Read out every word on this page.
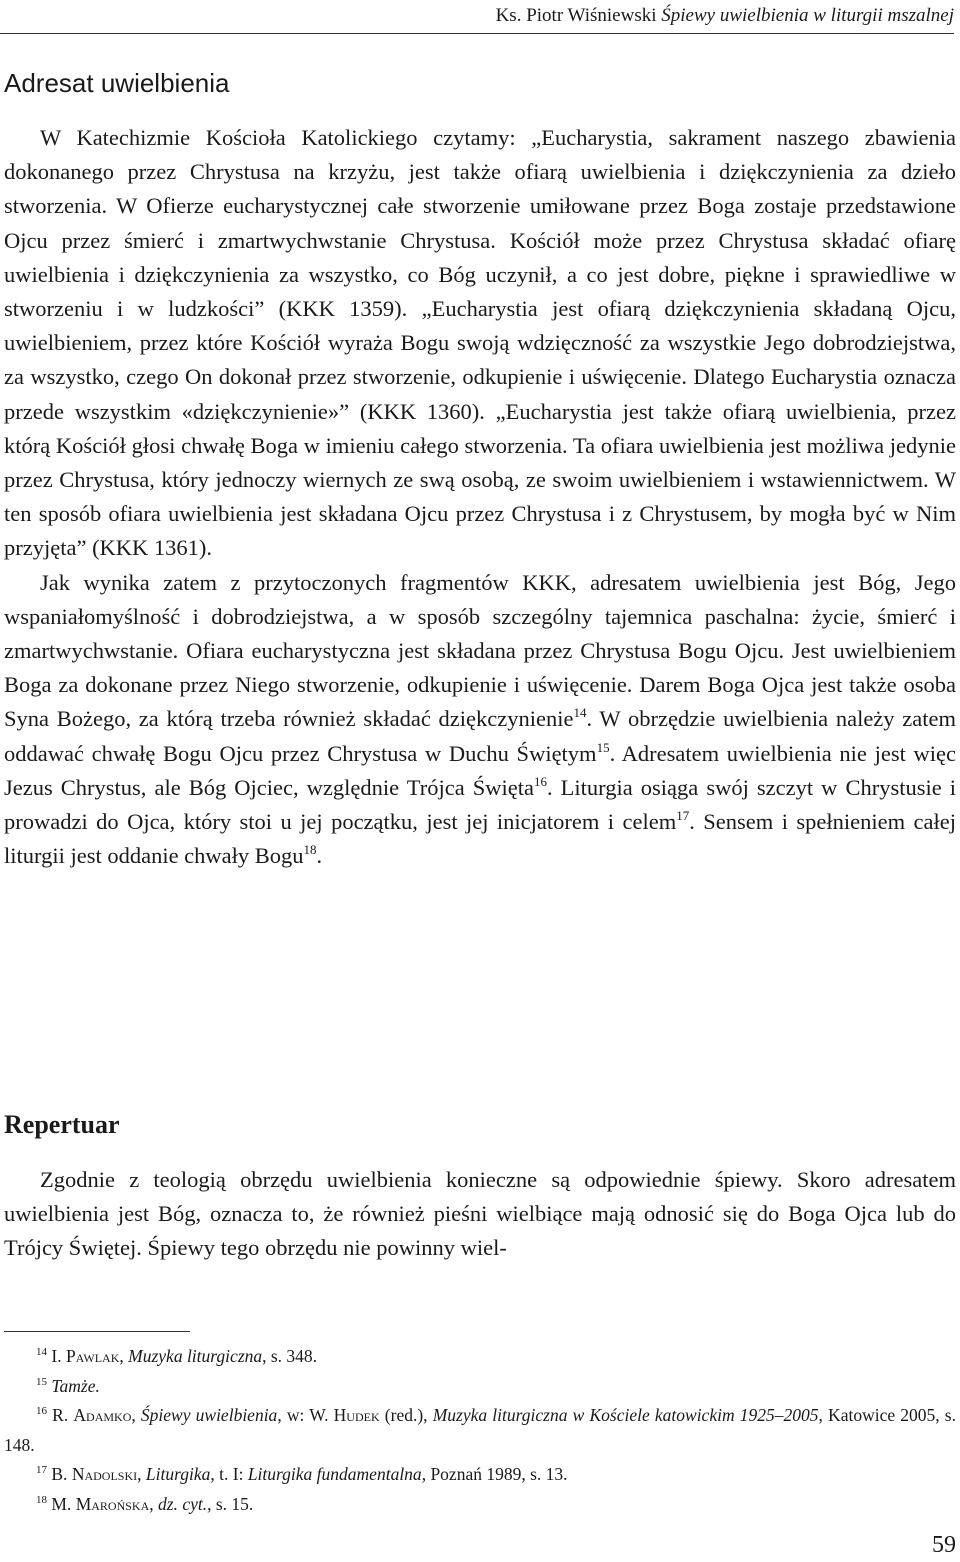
Ks. Piotr Wiśniewski Śpiewy uwielbienia w liturgii mszalnej
Adresat uwielbienia

W Katechizmie Kościoła Katolickiego czytamy: „Eucharystia, sakrament naszego zbawienia dokonanego przez Chrystusa na krzyżu, jest także ofiarą uwielbienia i dziękczynienia za dzieło stworzenia. W Ofierze eucharystycznej całe stworzenie umiłowane przez Boga zostaje przedstawione Ojcu przez śmierć i zmartwychwstanie Chrystusa. Kościół może przez Chrystusa składać ofiarę uwielbienia i dziękczynienia za wszystko, co Bóg uczynił, a co jest dobre, piękne i sprawiedliwe w stworzeniu i w ludzkości” (KKK 1359). „Eucharystia jest ofiarą dziękczynienia składaną Ojcu, uwielbieniem, przez które Kościół wyraża Bogu swoją wdzięczność za wszystkie Jego dobrodziejstwa, za wszystko, czego On dokonał przez stworzenie, odkupienie i uświęcenie. Dlatego Eucharystia oznacza przede wszystkim «dziękczynienie»” (KKK 1360). „Eucharystia jest także ofiarą uwielbienia, przez którą Kościół głosi chwałę Boga w imieniu całego stworzenia. Ta ofiara uwielbienia jest możliwa jedynie przez Chrystusa, który jednoczy wiernych ze swą osobą, ze swoim uwielbieniem i wstawiennictwem. W ten sposób ofiara uwielbienia jest składana Ojcu przez Chrystusa i z Chrystusem, by mogła być w Nim przyjęta” (KKK 1361).

Jak wynika zatem z przytoczonych fragmentów KKK, adresatem uwielbienia jest Bóg, Jego wspaniałomyślność i dobrodziejstwa, a w sposób szczególny tajemnica paschalna: życie, śmierć i zmartwychwstanie. Ofiara eucharystyczna jest składana przez Chrystusa Bogu Ojcu. Jest uwielbieniem Boga za dokonane przez Niego stworzenie, odkupienie i uświęcenie. Darem Boga Ojca jest także osoba Syna Bożego, za którą trzeba również składać dziękczynienie$^{14}$. W obrzędzie uwielbienia należy zatem oddawać chwałę Bogu Ojcu przez Chrystusa w Duchu Świętym$^{15}$. Adresatem uwielbienia nie jest więc Jezus Chrystus, ale Bóg Ojciec, względnie Trójca Święta$^{16}$. Liturgia osiąga swój szczyt w Chrystusie i prowadzi do Ojca, który stoi u jej początku, jest jej inicjatorem i celem$^{17}$. Sensem i spełnieniem całej liturgii jest oddanie chwały Bogu$^{18}$.

Repertuar

Zgodnie z teologią obrzędu uwielbienia konieczne są odpowiednie śpiewy. Skoro adresatem uwielbienia jest Bóg, oznacza to, że również pieśni wielbiące mają odnosić się do Boga Ojca lub do Trójcy Świętej. Śpiewy tego obrzędu nie powinny wiel-

$^{14}$ I. Pawlak, Muzyka liturgiczna, s. 348.

$^{15}$ Tamże.

$^{16}$ R. Adamko, Śpiewy uwielbienia, w: W. Hudek (red.), Muzyka liturgiczna w Kościele katowickim 1925–2005, Katowice 2005, s. 148.

$^{17}$ B. Nadolski, Liturgika, t. I: Liturgika fundamentalna, Poznań 1989, s. 13.

$^{18}$ M. Marońska, dz. cyt., s. 15.

59
